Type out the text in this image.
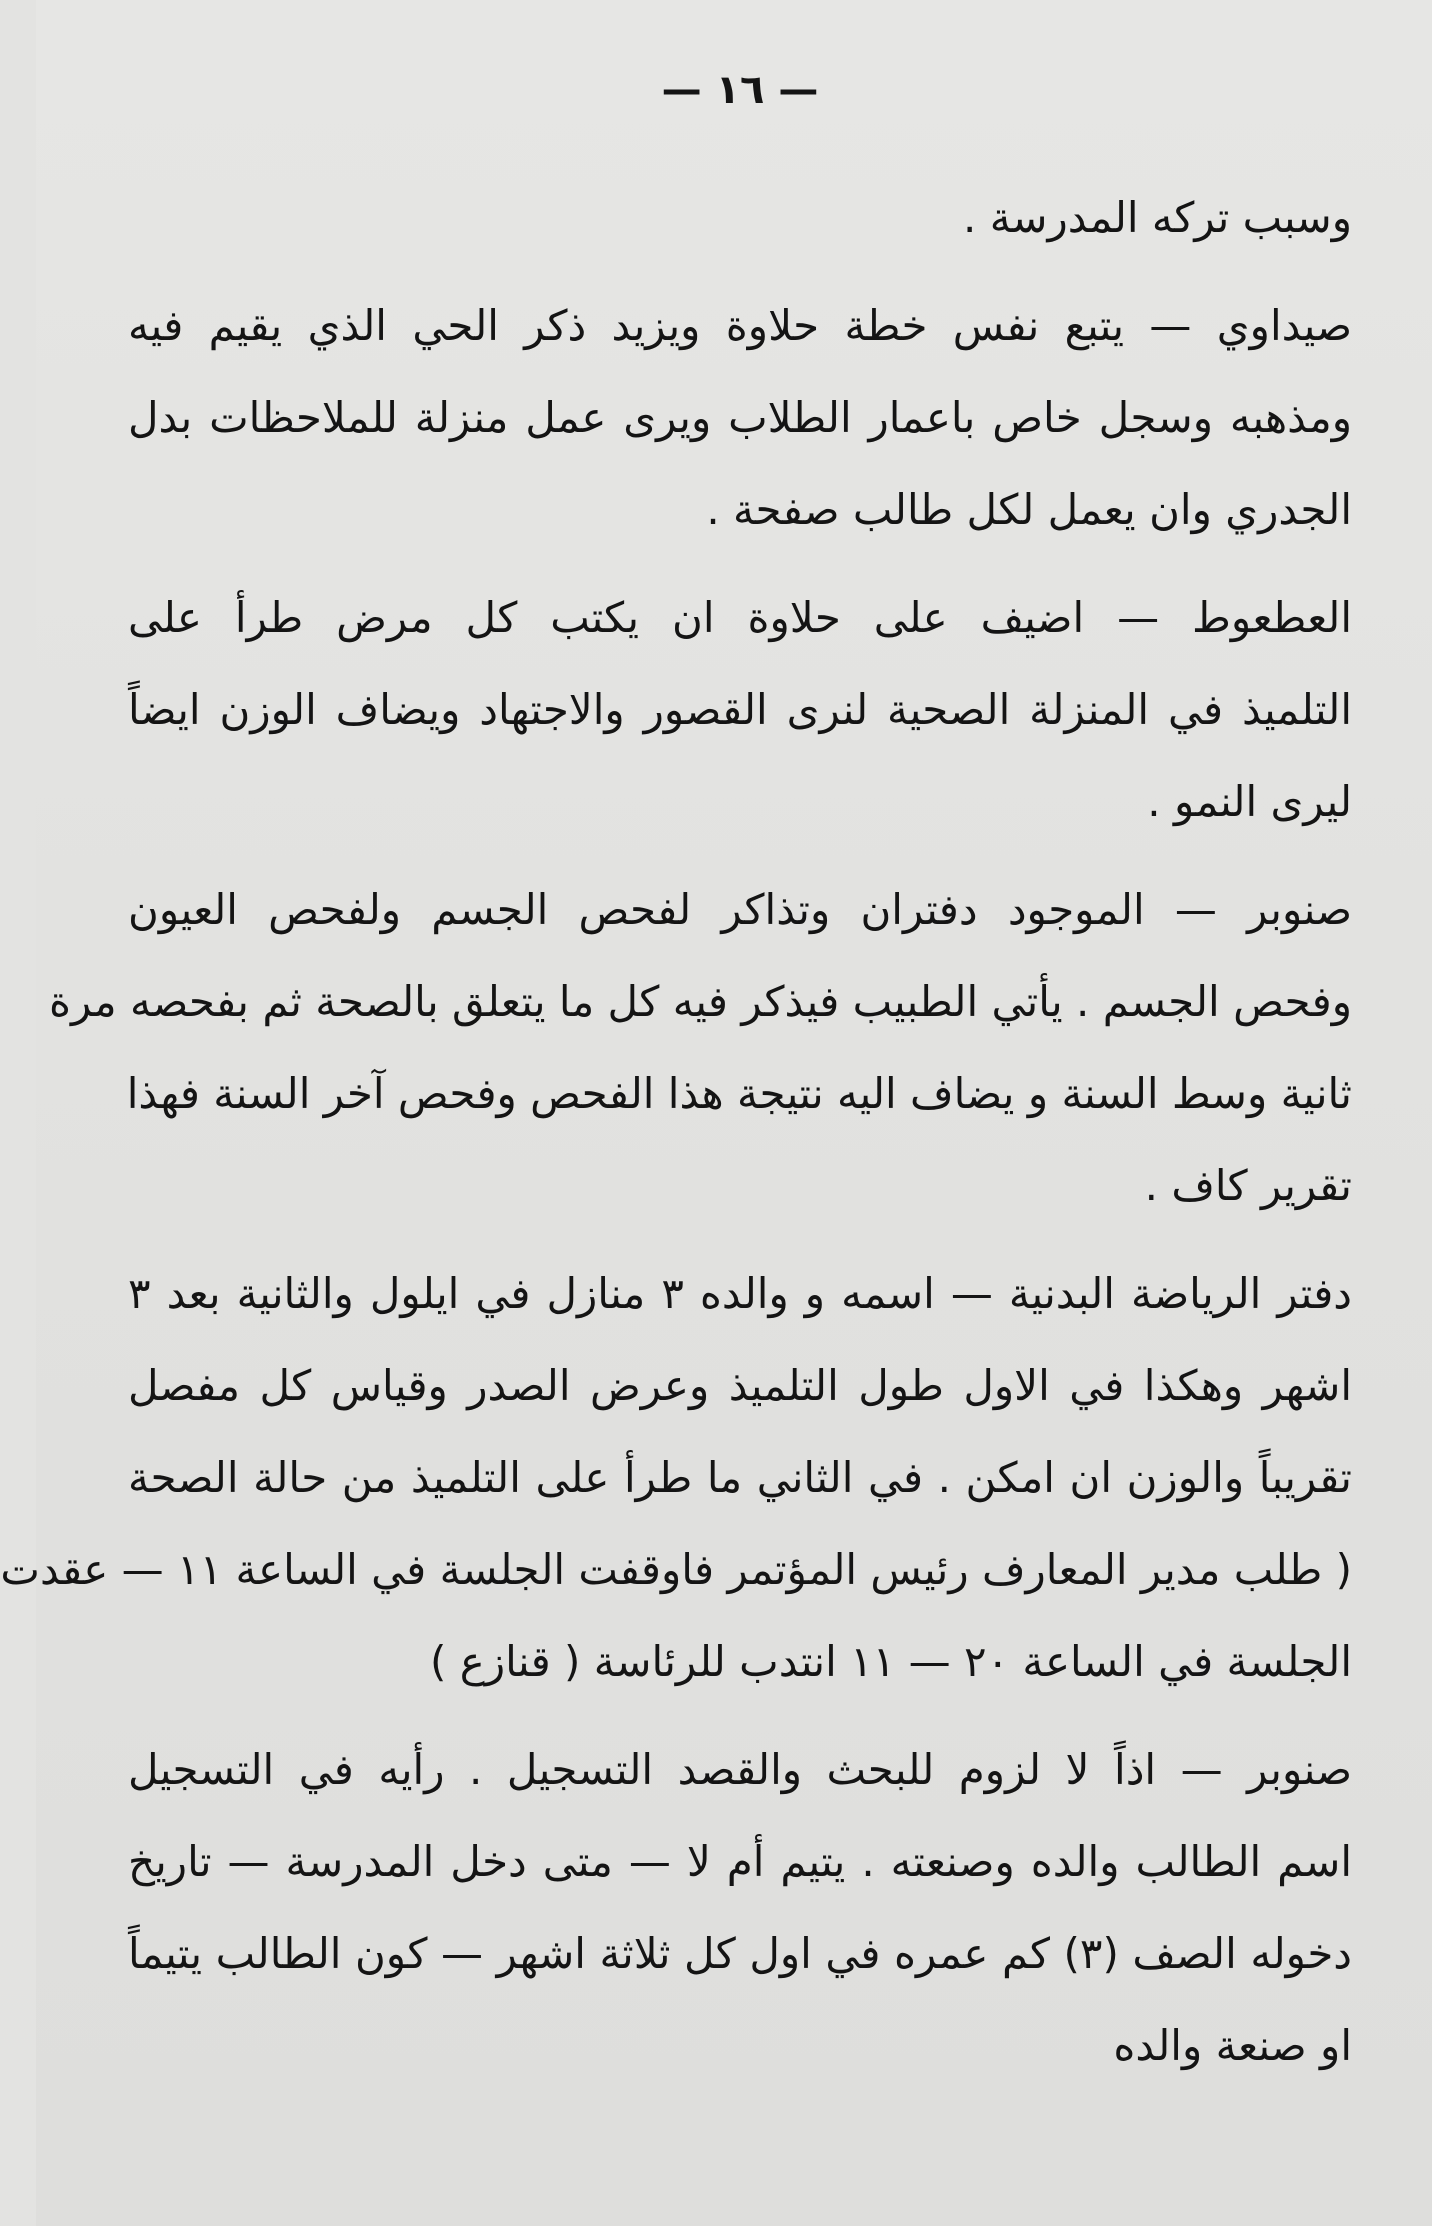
— ١٦ —
وسبب تركه المدرسة .
صيداوي — يتبع نفس خطة حلاوة ويزيد ذكر الحي الذي يقيم فيه
ومذهبه وسجل خاص باعمار الطلاب ويرى عمل منزلة للملاحظات بدل
الجدري وان يعمل لكل طالب صفحة .
العطعوط — اضيف على حلاوة ان يكتب كل مرض طرأ على
التلميذ في المنزلة الصحية لنرى القصور والاجتهاد ويضاف الوزن ايضاً
ليرى النمو .
صنوبر — الموجود دفتران وتذاكر لفحص الجسم ولفحص العيون
وفحص الجسم . يأتي الطبيب فيذكر فيه كل ما يتعلق بالصحة ثم بفحصه مرة
ثانية وسط السنة و يضاف اليه نتيجة هذا الفحص وفحص آخر السنة فهذا
تقرير كاف .
دفتر الرياضة البدنية — اسمه و والده ٣ منازل في ايلول والثانية بعد ٣
اشهر وهكذا في الاول طول التلميذ وعرض الصدر وقياس كل مفصل
تقريباً والوزن ان امكن . في الثاني ما طرأ على التلميذ من حالة الصحة
( طلب مدير المعارف رئيس المؤتمر فاوقفت الجلسة في الساعة ١١ — عقدت
الجلسة في الساعة ٢٠ — ١١ انتدب للرئاسة ( قنازع )
صنوبر — اذاً لا لزوم للبحث والقصد التسجيل . رأيه في التسجيل
اسم الطالب والده وصنعته . يتيم أم لا — متى دخل المدرسة — تاريخ
دخوله الصف (٣) كم عمره في اول كل ثلاثة اشهر — كون الطالب يتيماً
او صنعة والده
